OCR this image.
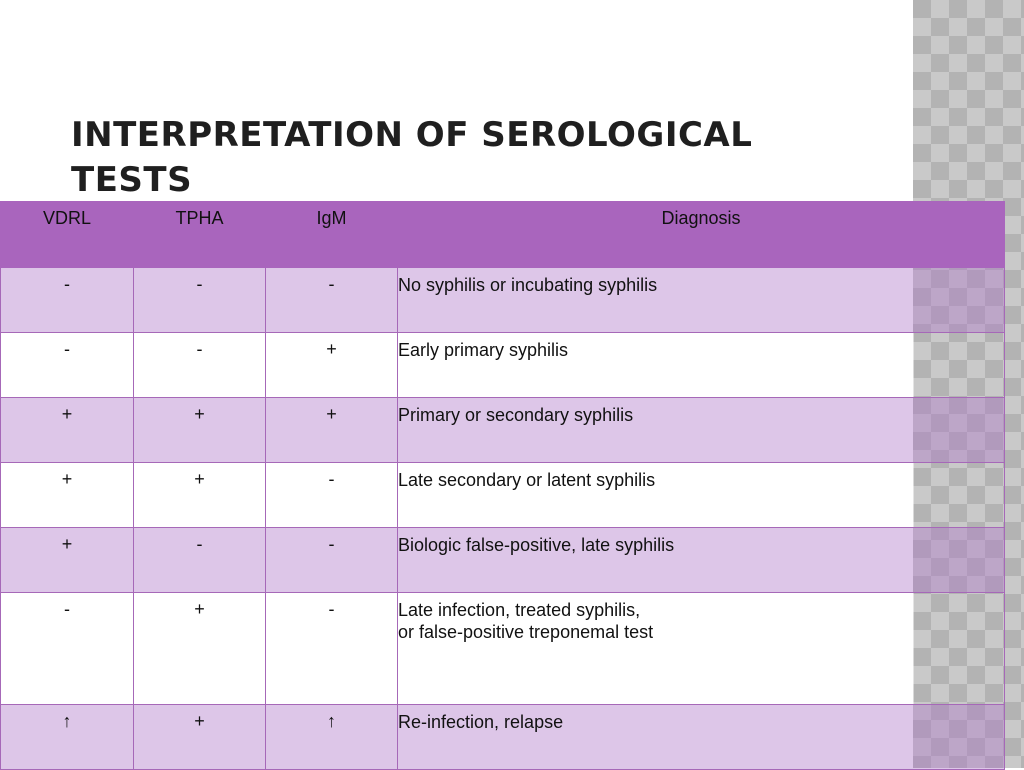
INTERPRETATION OF SEROLOGICAL TESTS
VDRL	TPHA	IgM	Diagnosis
-	-	-	No syphilis or incubating syphilis

-	-	+	Early primary syphilis

+	+	+	Primary or secondary syphilis

+	+	-	Late secondary or latent syphilis

+	-	-	Biologic false-positive, late syphilis

-	+	-	Late infection, treated syphilis,
or false-positive treponemal test

↑	+	↑	Re-infection, relapse
